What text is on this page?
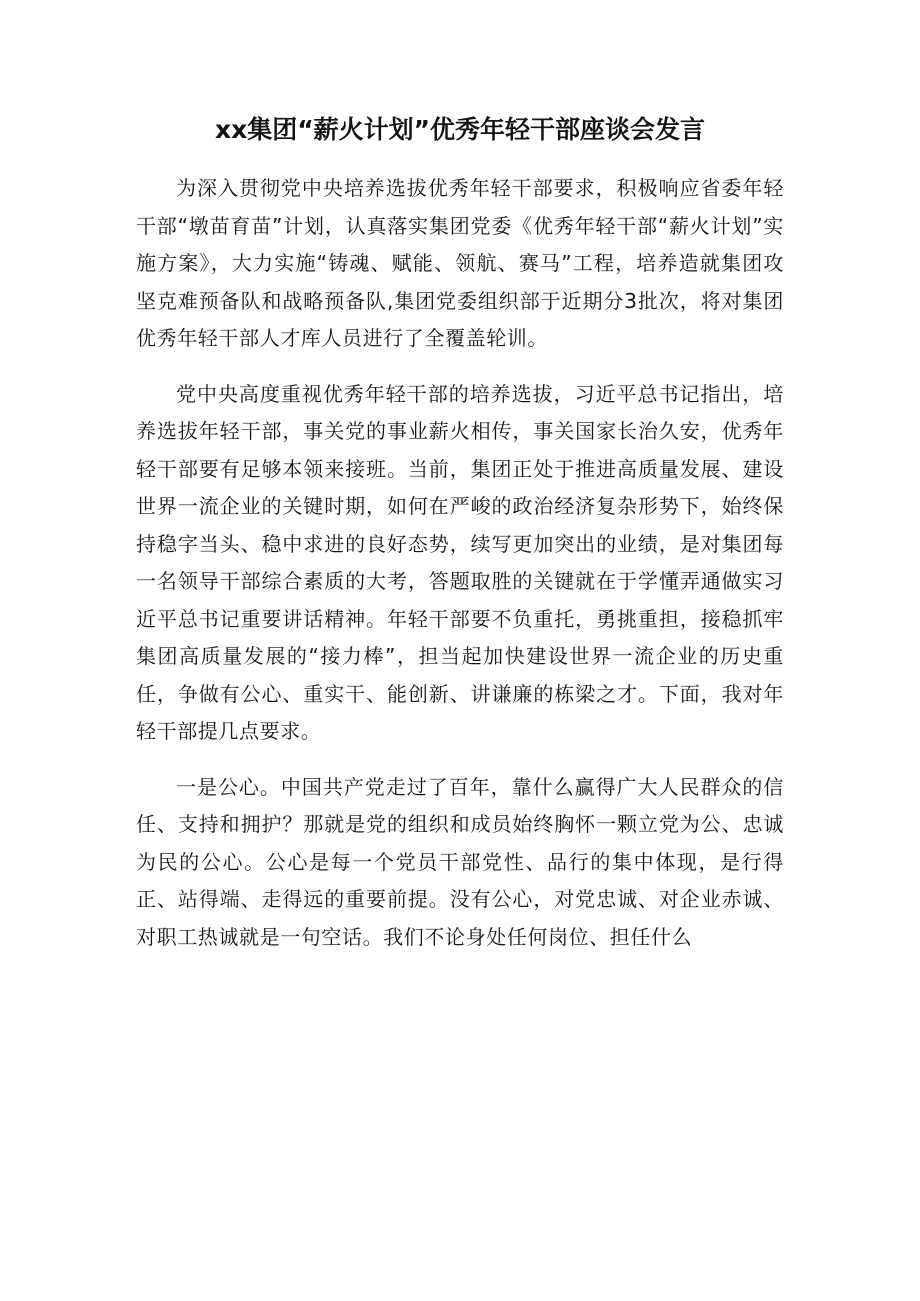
xx集团“薪火计划”优秀年轻干部座谈会发言

为深入贯彻党中央培养选拔优秀年轻干部要求，积极响应省委年轻干部“墩苗育苗”计划，认真落实集团党委《优秀年轻干部“薪火计划”实施方案》，大力实施“铸魂、赋能、领航、赛马”工程，培养造就集团攻坚克难预备队和战略预备队,集团党委组织部于近期分3批次，将对集团优秀年轻干部人才库人员进行了全覆盖轮训。

党中央高度重视优秀年轻干部的培养选拔，习近平总书记指出，培养选拔年轻干部，事关党的事业薪火相传，事关国家长治久安，优秀年轻干部要有足够本领来接班。当前，集团正处于推进高质量发展、建设世界一流企业的关键时期，如何在严峻的政治经济复杂形势下，始终保持稳字当头、稳中求进的良好态势，续写更加突出的业绩，是对集团每一名领导干部综合素质的大考，答题取胜的关键就在于学懂弄通做实习近平总书记重要讲话精神。年轻干部要不负重托，勇挑重担，接稳抓牢集团高质量发展的“接力棒”，担当起加快建设世界一流企业的历史重任，争做有公心、重实干、能创新、讲谦廉的栋梁之才。下面，我对年轻干部提几点要求。

一是公心。中国共产党走过了百年，靠什么赢得广大人民群众的信任、支持和拥护？那就是党的组织和成员始终胸怀一颗立党为公、忠诚为民的公心。公心是每一个党员干部党性、品行的集中体现，是行得正、站得端、走得远的重要前提。没有公心，对党忠诚、对企业赤诚、对职工热诚就是一句空话。我们不论身处任何岗位、担任什么
